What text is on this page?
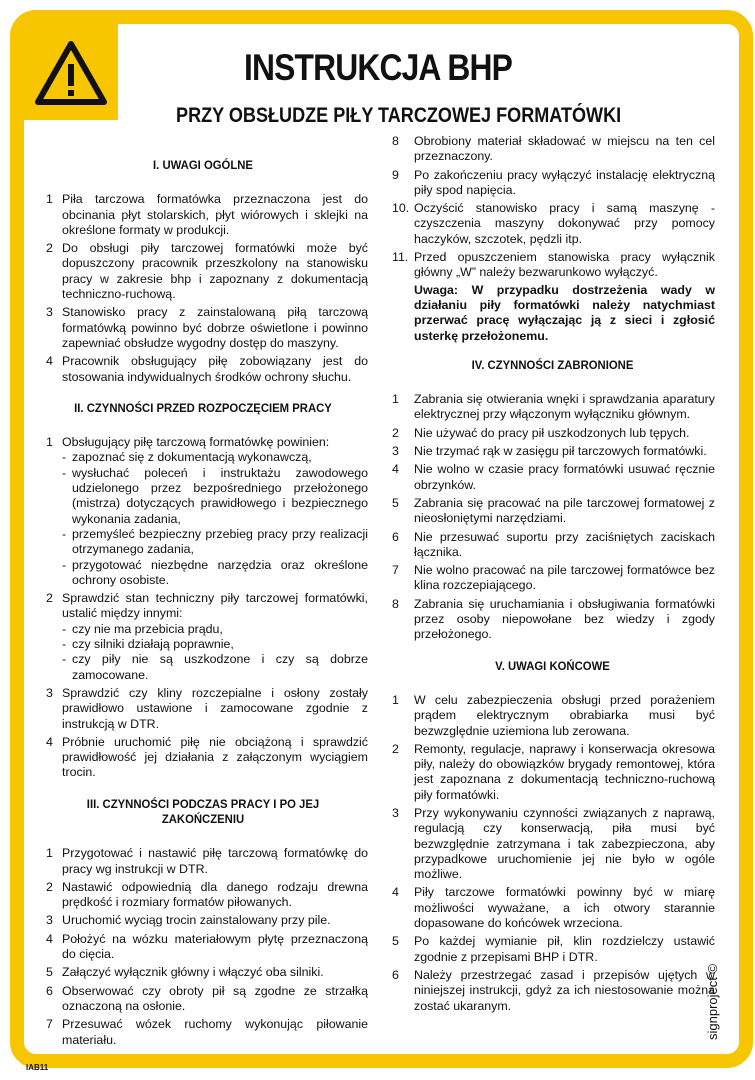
INSTRUKCJA BHP
PRZY OBSŁUDZE PIŁY TARCZOWEJ FORMATÓWKI
I. UWAGI OGÓLNE
1 Piła tarczowa formatówka przeznaczona jest do obcinania płyt stolarskich, płyt wiórowych i sklejki na określone formaty w produkcji.
2 Do obsługi piły tarczowej formatówki może być dopuszczony pracownik przeszkolony na stanowisku pracy w zakresie bhp i zapoznany z dokumentacją techniczno-ruchową.
3 Stanowisko pracy z zainstalowaną piłą tarczową formatówką powinno być dobrze oświetlone i powinno zapewniać obsłudze wygodny dostęp do maszyny.
4 Pracownik obsługujący piłę zobowiązany jest do stosowania indywidualnych środków ochrony słuchu.
II. CZYNNOŚCI PRZED ROZPOCZĘCIEM PRACY
1 Obsługujący piłę tarczową formatówkę powinien:
- zapoznać się z dokumentacją wykonawczą,
- wysłuchać poleceń i instruktażu zawodowego udzielonego przez bezpośredniego przełożonego (mistrza) dotyczących prawidłowego i bezpiecznego wykonania zadania,
- przemyśleć bezpieczny przebieg pracy przy realizacji otrzymanego zadania,
- przygotować niezbędne narzędzia oraz określone ochrony osobiste.
2 Sprawdzić stan techniczny piły tarczowej formatówki, ustalić między innymi:
- czy nie ma przebicia prądu,
- czy silniki działają poprawnie,
- czy piły nie są uszkodzone i czy są dobrze zamocowane.
3 Sprawdzić czy kliny rozczepialne i osłony zostały prawidłowo ustawione i zamocowane zgodnie z instrukcją w DTR.
4 Próbnie uruchomić piłę nie obciążoną i sprawdzić prawidłowość jej działania z załączonym wyciągiem trocin.
III. CZYNNOŚCI PODCZAS PRACY I PO JEJ ZAKOŃCZENIU
1 Przygotować i nastawić piłę tarczową formatówkę do pracy wg instrukcji w DTR.
2 Nastawić odpowiednią dla danego rodzaju drewna prędkość i rozmiary formatów piłowanych.
3 Uruchomić wyciąg trocin zainstalowany przy pile.
4 Położyć na wózku materiałowym płytę przeznaczoną do cięcia.
5 Załączyć wyłącznik główny i włączyć oba silniki.
6 Obserwować czy obroty pił są zgodne ze strzałką oznaczoną na osłonie.
7 Przesuwać wózek ruchomy wykonując piłowanie materiału.
8 Obrobiony materiał składować w miejscu na ten cel przeznaczony.
9 Po zakończeniu pracy wyłączyć instalację elektryczną piły spod napięcia.
10. Oczyścić stanowisko pracy i samą maszynę - czyszczenia maszyny dokonywać przy pomocy haczyków, szczotek, pędzli itp.
11. Przed opuszczeniem stanowiska pracy wyłącznik główny „W” należy bezwarunkowo wyłączyć.
Uwaga: W przypadku dostrzeżenia wady w działaniu piły formatówki należy natychmiast przerwać pracę wyłączając ją z sieci i zgłosić usterkę przełożonemu.
IV. CZYNNOŚCI ZABRONIONE
1 Zabrania się otwierania wnęki i sprawdzania aparatury elektrycznej przy włączonym wyłączniku głównym.
2 Nie używać do pracy pił uszkodzonych lub tępych.
3 Nie trzymać rąk w zasięgu pił tarczowych formatówki.
4 Nie wolno w czasie pracy formatówki usuwać ręcznie obrzynków.
5 Zabrania się pracować na pile tarczowej formatowej z nieosłoniętymi narzędziami.
6 Nie przesuwać suportu przy zaciśniętych zaciskach łącznika.
7 Nie wolno pracować na pile tarczowej formatówce bez klina rozczepiającego.
8 Zabrania się uruchamiania i obsługiwania formatówki przez osoby niepowołane bez wiedzy i zgody przełożonego.
V. UWAGI KOŃCOWE
1 W celu zabezpieczenia obsługi przed porażeniem prądem elektrycznym obrabiarka musi być bezwzględnie uziemiona lub zerowana.
2 Remonty, regulacje, naprawy i konserwacja okresowa piły, należy do obowiązków brygady remontowej, która jest zapoznana z dokumentacją techniczno-ruchową piły formatówki.
3 Przy wykonywaniu czynności związanych z naprawą, regulacją czy konserwacją, piła musi być bezwzględnie zatrzymana i tak zabezpieczona, aby przypadkowe uruchomienie jej nie było w ogóle możliwe.
4 Piły tarczowe formatówki powinny być w miarę możliwości wyważane, a ich otwory starannie dopasowane do końcówek wrzeciona.
5 Po każdej wymianie pił, klin rozdzielczy ustawić zgodnie z przepisami BHP i DTR.
6 Należy przestrzegać zasad i przepisów ujętych w niniejszej instrukcji, gdyż za ich niestosowanie można zostać ukaranym.
IAB11
signproject ©
